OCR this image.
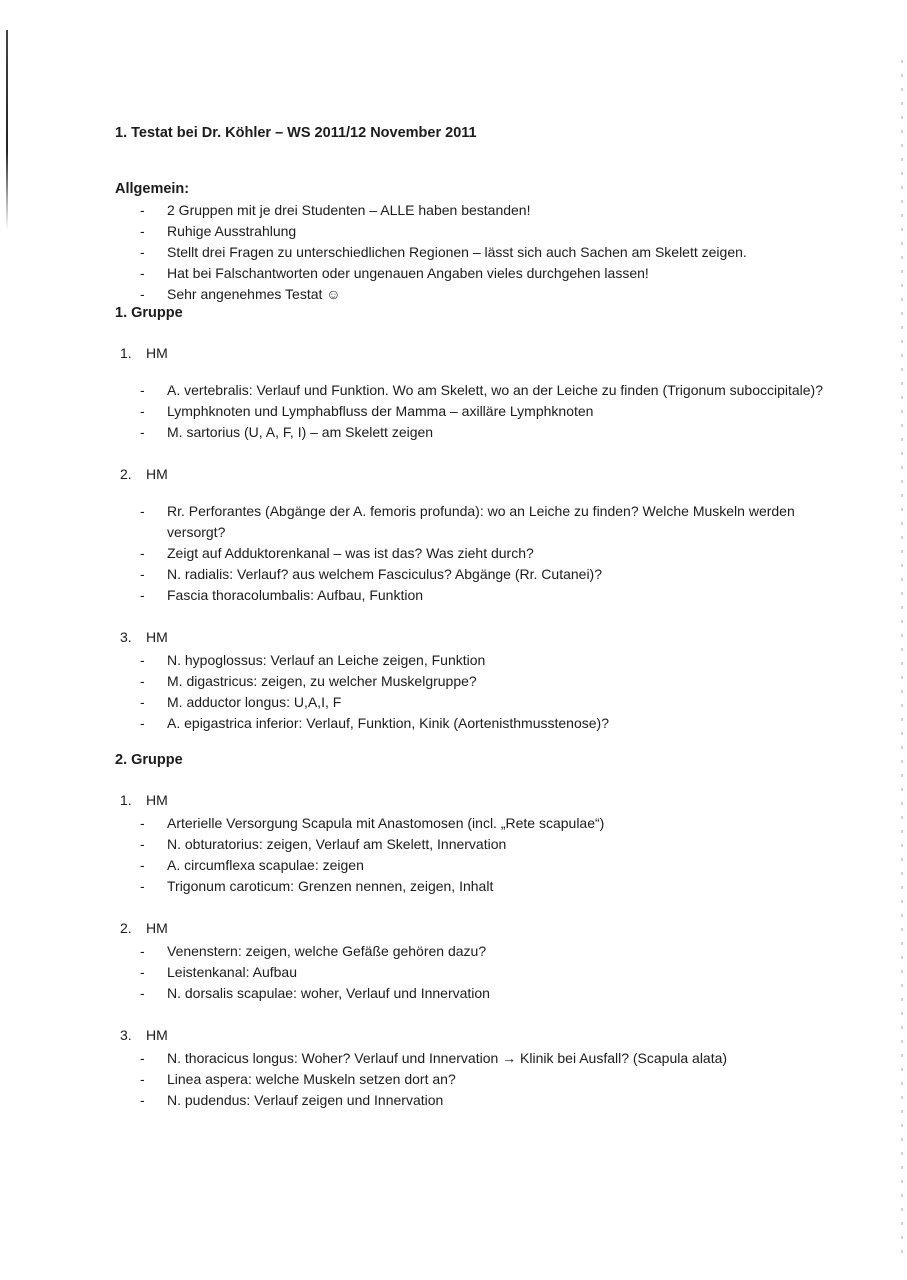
1. Testat bei Dr. Köhler – WS 2011/12 November 2011
Allgemein:
- 2 Gruppen mit je drei Studenten – ALLE haben bestanden!
- Ruhige Ausstrahlung
- Stellt drei Fragen zu unterschiedlichen Regionen – lässt sich auch Sachen am Skelett zeigen.
- Hat bei Falschantworten oder ungenauen Angaben vieles durchgehen lassen!
- Sehr angenehmes Testat ☺
1. Gruppe
1. HM
- A. vertebralis: Verlauf und Funktion. Wo am Skelett, wo an der Leiche zu finden (Trigonum suboccipitale)?
- Lymphknoten und Lymphabfluss der Mamma – axilläre Lymphknoten
- M. sartorius (U, A, F, I) – am Skelett zeigen
2. HM
- Rr. Perforantes (Abgänge der A. femoris profunda): wo an Leiche zu finden? Welche Muskeln werden versorgt?
- Zeigt auf Adduktorenkanal – was ist das? Was zieht durch?
- N. radialis: Verlauf? aus welchem Fasciculus? Abgänge (Rr. Cutanei)?
- Fascia thoracolumbalis: Aufbau, Funktion
3. HM
- N. hypoglossus: Verlauf an Leiche zeigen, Funktion
- M. digastricus: zeigen, zu welcher Muskelgruppe?
- M. adductor longus: U,A,I, F
- A. epigastrica inferior: Verlauf, Funktion, Kinik (Aortenisthmusstenose)?
2. Gruppe
1. HM
- Arterielle Versorgung Scapula mit Anastomosen (incl. „Rete scapulae“)
- N. obturatorius: zeigen, Verlauf am Skelett, Innervation
- A. circumflexa scapulae: zeigen
- Trigonum caroticum: Grenzen nennen, zeigen, Inhalt
2. HM
- Venenstern: zeigen, welche Gefäße gehören dazu?
- Leistenkanal: Aufbau
- N. dorsalis scapulae: woher, Verlauf und Innervation
3. HM
- N. thoracicus longus: Woher? Verlauf und Innervation → Klinik bei Ausfall? (Scapula alata)
- Linea aspera: welche Muskeln setzen dort an?
- N. pudendus: Verlauf zeigen und Innervation
